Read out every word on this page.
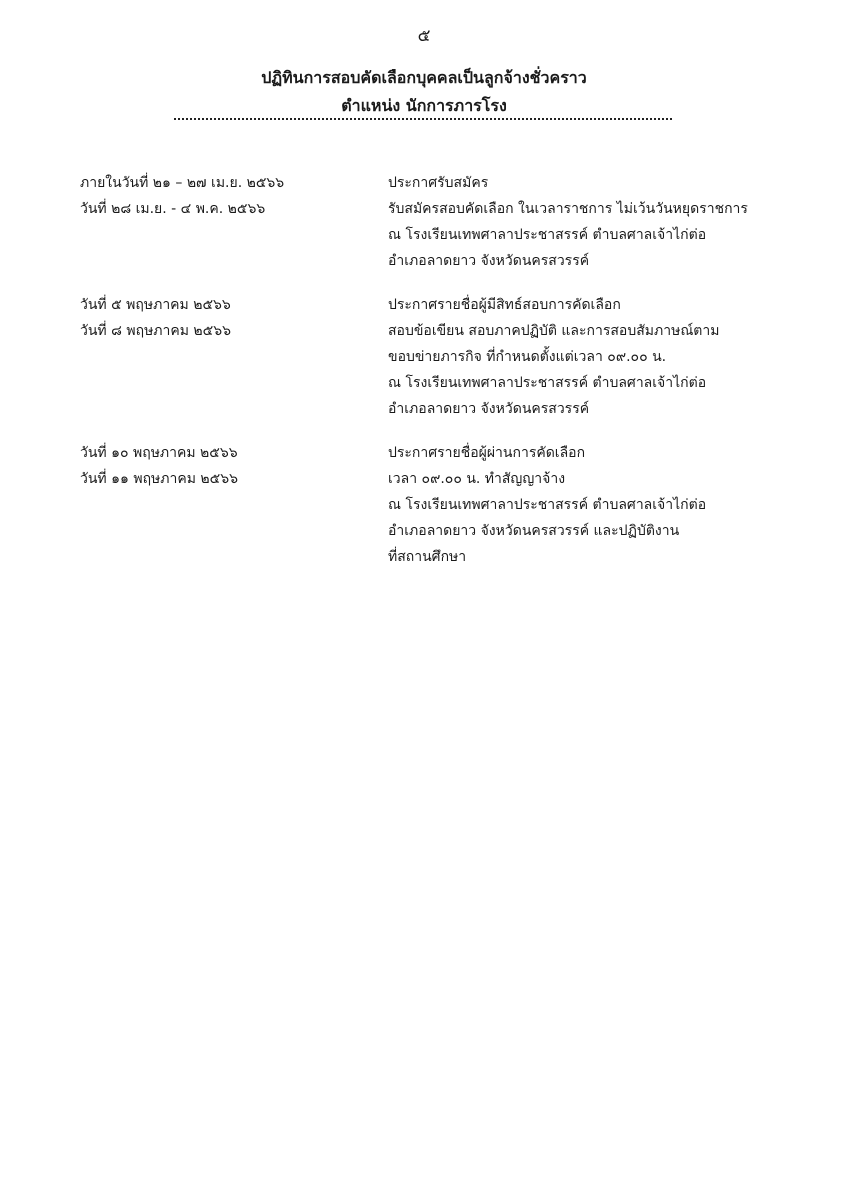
๕
ปฏิทินการสอบคัดเลือกบุคคลเป็นลูกจ้างชั่วคราว
ตำแหน่ง นักการภารโรง
ภายในวันที่ ๒๑ – ๒๗ เม.ย. ๒๕๖๖	ประกาศรับสมัคร
วันที่ ๒๘ เม.ย. - ๔ พ.ค. ๒๕๖๖	รับสมัครสอบคัดเลือก ในเวลาราชการ ไม่เว้นวันหยุดราชการ
ณ โรงเรียนเทพศาลาประชาสรรค์ ตำบลศาลเจ้าไก่ต่อ
อำเภอลาดยาว จังหวัดนครสวรรค์
วันที่ ๕ พฤษภาคม ๒๕๖๖	ประกาศรายชื่อผู้มีสิทธ์สอบการคัดเลือก
วันที่ ๘ พฤษภาคม ๒๕๖๖	สอบข้อเขียน สอบภาคปฏิบัติ และการสอบสัมภาษณ์ตาม
ขอบข่ายภารกิจ ที่กำหนดตั้งแต่เวลา ๐๙.๐๐ น.
ณ โรงเรียนเทพศาลาประชาสรรค์ ตำบลศาลเจ้าไก่ต่อ
อำเภอลาดยาว จังหวัดนครสวรรค์
วันที่ ๑๐ พฤษภาคม ๒๕๖๖	ประกาศรายชื่อผู้ผ่านการคัดเลือก
วันที่ ๑๑ พฤษภาคม ๒๕๖๖	เวลา ๐๙.๐๐ น. ทำสัญญาจ้าง
ณ โรงเรียนเทพศาลาประชาสรรค์ ตำบลศาลเจ้าไก่ต่อ
อำเภอลาดยาว จังหวัดนครสวรรค์ และปฏิบัติงาน
ที่สถานศึกษา
